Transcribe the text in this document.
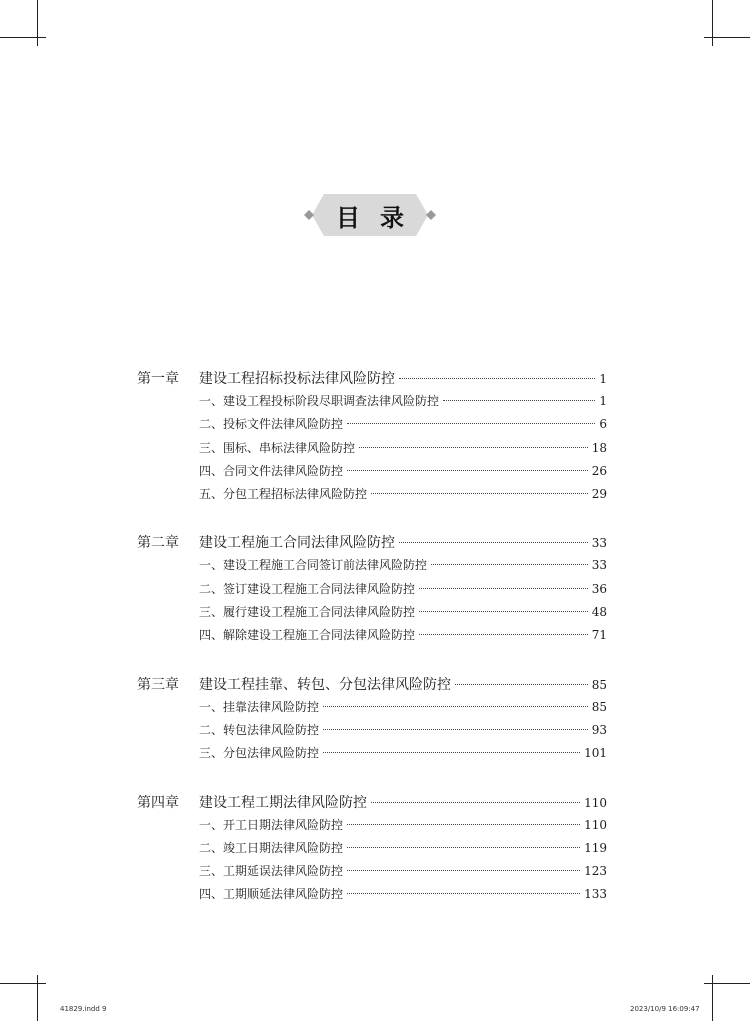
目录
第一章	建设工程招标投标法律风险防控	1
一、建设工程投标阶段尽职调查法律风险防控	1
二、投标文件法律风险防控	6
三、围标、串标法律风险防控	18
四、合同文件法律风险防控	26
五、分包工程招标法律风险防控	29
第二章	建设工程施工合同法律风险防控	33
一、建设工程施工合同签订前法律风险防控	33
二、签订建设工程施工合同法律风险防控	36
三、履行建设工程施工合同法律风险防控	48
四、解除建设工程施工合同法律风险防控	71
第三章	建设工程挂靠、转包、分包法律风险防控	85
一、挂靠法律风险防控	85
二、转包法律风险防控	93
三、分包法律风险防控	101
第四章	建设工程工期法律风险防控	110
一、开工日期法律风险防控	110
二、竣工日期法律风险防控	119
三、工期延误法律风险防控	123
四、工期顺延法律风险防控	133
41829.indd 9	2023/10/9 16:09:47
